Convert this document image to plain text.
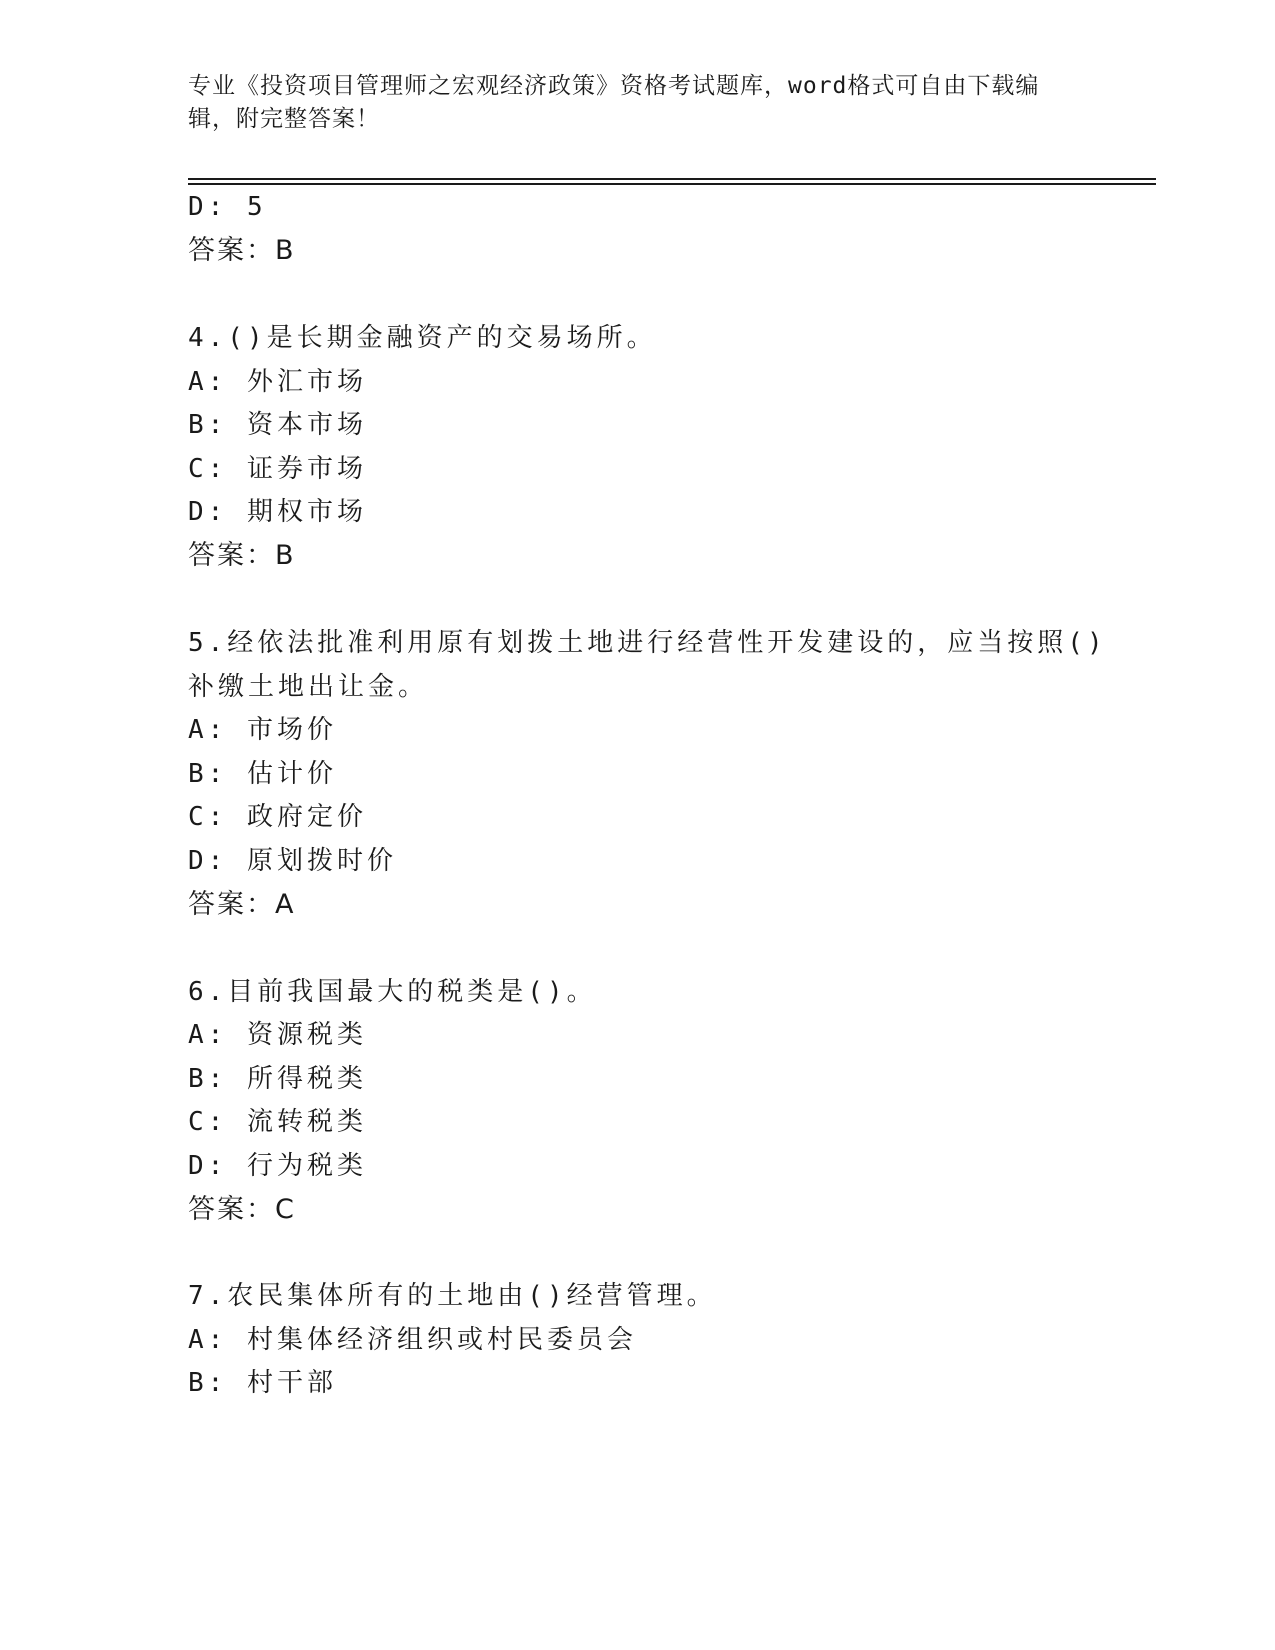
专业《投资项目管理师之宏观经济政策》资格考试题库，word格式可自由下载编
辑，附完整答案！
D: 5
答案：B
4.()是长期金融资产的交易场所。
A: 外汇市场
B: 资本市场
C: 证券市场
D: 期权市场
答案：B
5.经依法批准利用原有划拨土地进行经营性开发建设的，应当按照()
补缴土地出让金。
A: 市场价
B: 估计价
C: 政府定价
D: 原划拨时价
答案：A
6.目前我国最大的税类是()。
A: 资源税类
B: 所得税类
C: 流转税类
D: 行为税类
答案：C
7.农民集体所有的土地由()经营管理。
A: 村集体经济组织或村民委员会
B: 村干部
